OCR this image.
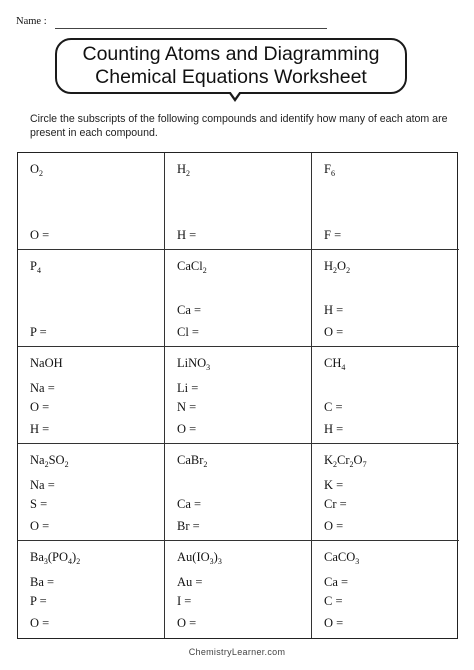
Name :
Counting Atoms and Diagramming
Chemical Equations Worksheet
Circle the subscripts of the following compounds and identify how many of each atom are present in each compound.
$O_2$
O =
$H_2$
H =
$F_6$
F =
$P_4$
P =
CaCl$_2$
Ca =
Cl =
$H_2O_2$
H =
O =
NaOH
Na =
O =
H =
LiNO$_3$
Li =
N =
O =
$CH_4$
C =
H =
$Na_2SO_2$
Na =
S =
O =
CaBr$_2$
Ca =
Br =
$K_2Cr_2O_7$
K =
Cr =
O =
$Ba_3(PO_4)_2$
Ba =
P =
O =
$Au(IO_3)_3$
Au =
I =
O =
CaCO$_3$
Ca =
C =
O =
ChemistryLearner.com
